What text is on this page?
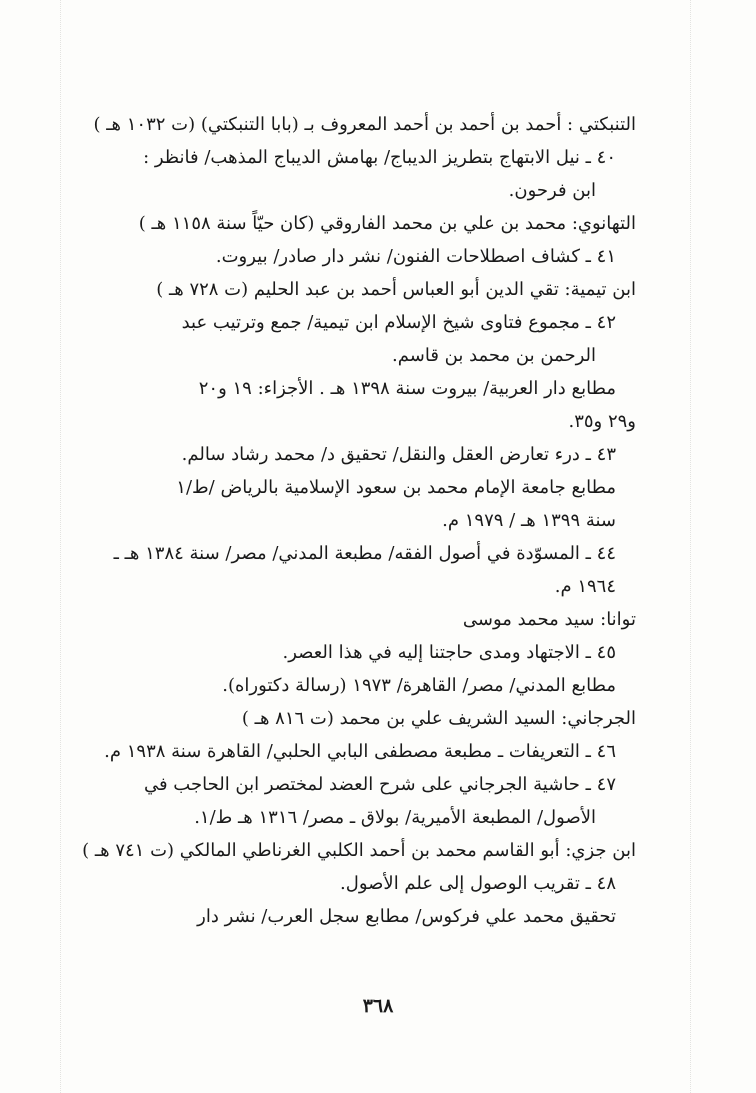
التنبكتي : أحمد بن أحمد بن أحمد المعروف بـ (بابا التنبكتي) (ت ١٠٣٢ هـ )
٤٠ ـ نيل الابتهاج بتطريز الديباج/ بهامش الديباج المذهب/ فانظر :
ابن فرحون.
التهانوي: محمد بن علي بن محمد الفاروقي (كان حيّاً سنة ١١٥٨ هـ )
٤١ ـ كشاف اصطلاحات الفنون/ نشر دار صادر/ بيروت.
ابن تيمية: تقي الدين أبو العباس أحمد بن عبد الحليم (ت ٧٢٨ هـ )
٤٢ ـ مجموع فتاوى شيخ الإسلام ابن تيمية/ جمع وترتيب عبد
الرحمن بن محمد بن قاسم.
مطابع دار العربية/ بيروت سنة ١٣٩٨ هـ . الأجزاء: ١٩ و٢٠
و٢٩ و٣٥.
٤٣ ـ درء تعارض العقل والنقل/ تحقيق د/ محمد رشاد سالم.
مطابع جامعة الإمام محمد بن سعود الإسلامية بالرياض /ط/١
سنة ١٣٩٩ هـ / ١٩٧٩ م.
٤٤ ـ المسوّدة في أصول الفقه/ مطبعة المدني/ مصر/ سنة ١٣٨٤ هـ ـ
١٩٦٤ م.
توانا: سيد محمد موسى
٤٥ ـ الاجتهاد ومدى حاجتنا إليه في هذا العصر.
مطابع المدني/ مصر/ القاهرة/ ١٩٧٣ (رسالة دكتوراه).
الجرجاني: السيد الشريف علي بن محمد (ت ٨١٦ هـ )
٤٦ ـ التعريفات ـ مطبعة مصطفى البابي الحلبي/ القاهرة سنة ١٩٣٨ م.
٤٧ ـ حاشية الجرجاني على شرح العضد لمختصر ابن الحاجب في
الأصول/ المطبعة الأميرية/ بولاق ـ مصر/ ١٣١٦ هـ ط/١.
ابن جزي: أبو القاسم محمد بن أحمد الكلبي الغرناطي المالكي (ت ٧٤١ هـ )
٤٨ ـ تقريب الوصول إلى علم الأصول.
تحقيق محمد علي فركوس/ مطابع سجل العرب/ نشر دار
٣٦٨
